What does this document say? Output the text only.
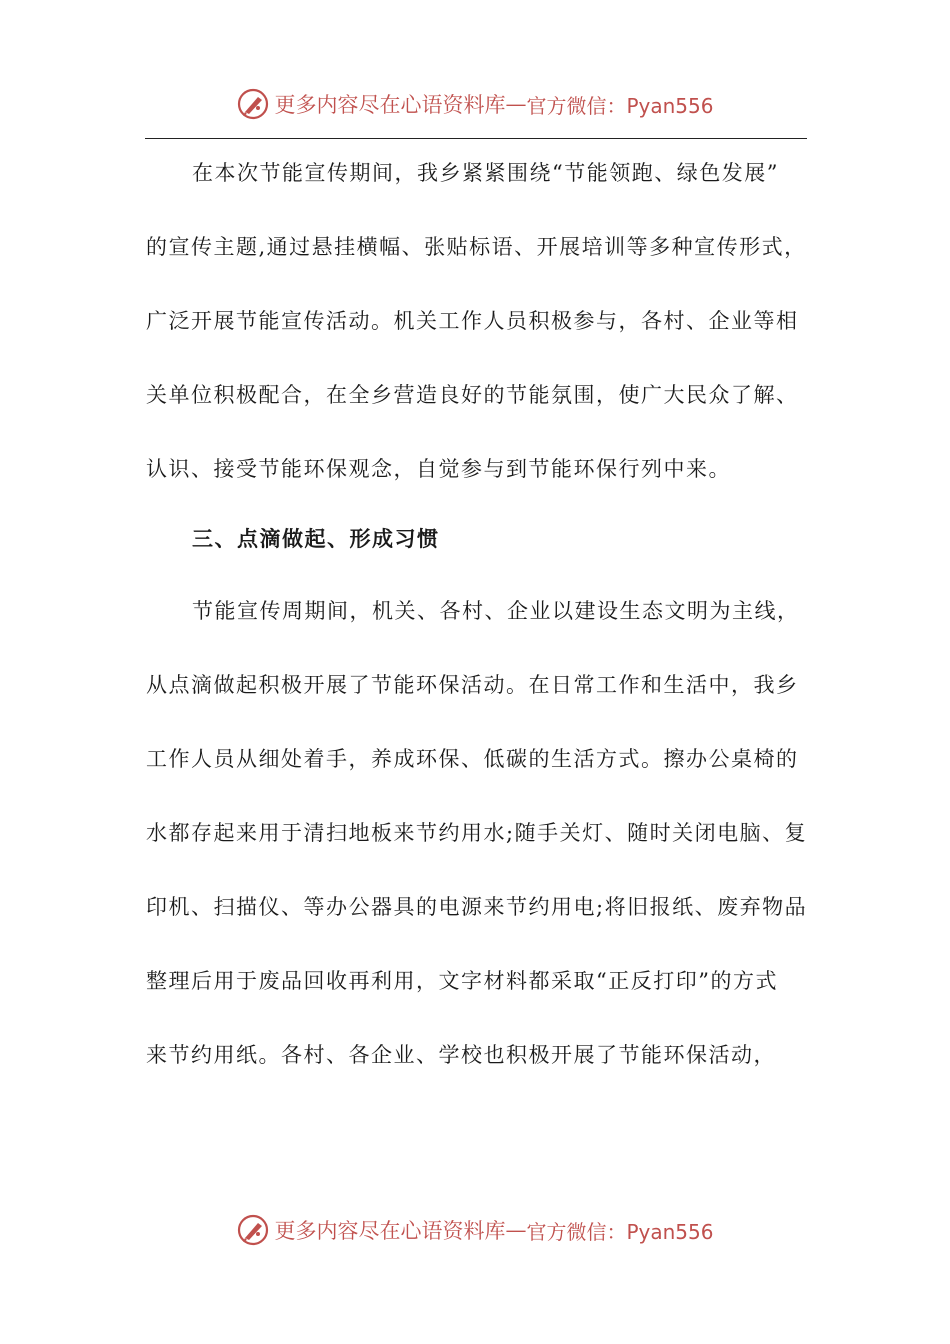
更多内容尽在心语资料库 — 官方微信：Pyan556
在本次节能宣传期间，我乡紧紧围绕“节能领跑、绿色发展”
的宣传主题,通过悬挂横幅、张贴标语、开展培训等多种宣传形式，
广泛开展节能宣传活动。机关工作人员积极参与，各村、企业等相
关单位积极配合，在全乡营造良好的节能氛围，使广大民众了解、
认识、接受节能环保观念，自觉参与到节能环保行列中来。
三、点滴做起、形成习惯
节能宣传周期间，机关、各村、企业以建设生态文明为主线，
从点滴做起积极开展了节能环保活动。在日常工作和生活中，我乡
工作人员从细处着手，养成环保、低碳的生活方式。擦办公桌椅的
水都存起来用于清扫地板来节约用水;随手关灯、随时关闭电脑、复
印机、扫描仪、等办公器具的电源来节约用电;将旧报纸、废弃物品
整理后用于废品回收再利用，文字材料都采取“正反打印”的方式
来节约用纸。各村、各企业、学校也积极开展了节能环保活动，
更多内容尽在心语资料库 — 官方微信：Pyan556
